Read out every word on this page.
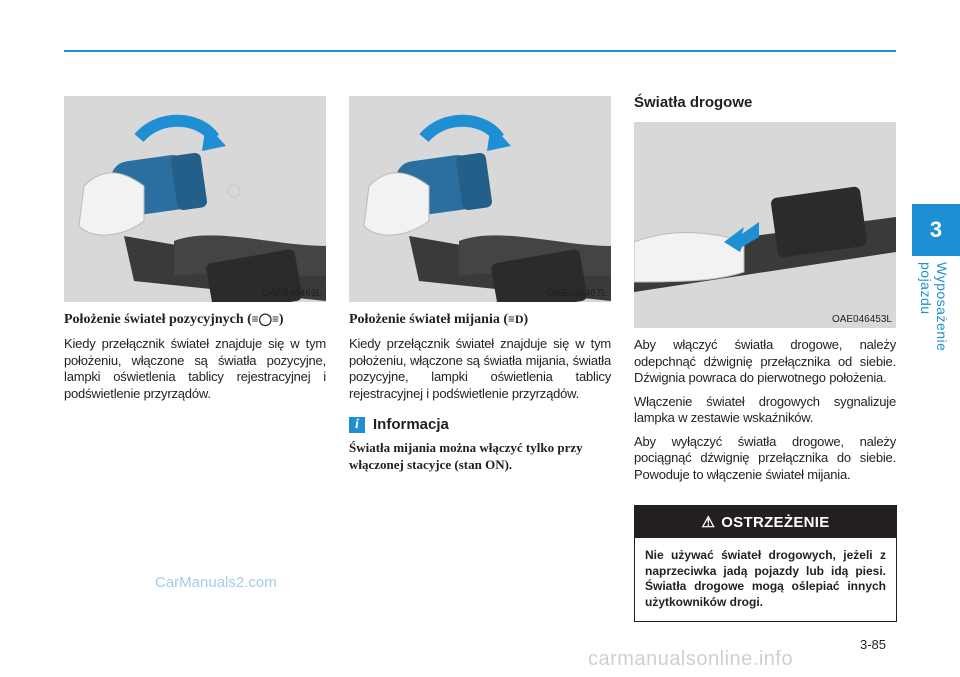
3
Wyposażenie pojazdu
OAE046469L	OAE046467L
OAE046453L

Położenie świateł pozycyjnych (≡◯≡)

Kiedy przełącznik świateł znajduje się w tym położeniu, włączone są światła pozycyjne, lampki oświetlenia tablicy rejestracyjnej i podświetlenie przyrządów.

Położenie świateł mijania (≡D)

Kiedy przełącznik świateł znajduje się w tym położeniu, włączone są światła mijania, światła pozycyjne, lampki oświetlenia tablicy rejestracyjnej i podświetlenie przyrządów.

i Informacja

Światła mijania można włączyć tylko przy włączonej stacyjce (stan ON).

Światła drogowe

Aby włączyć światła drogowe, należy odepchnąć dźwignię przełącznika od siebie. Dźwignia powraca do pierwotnego położenia.

Włączenie świateł drogowych sygnalizuje lampka w zestawie wskaźników.

Aby wyłączyć światła drogowe, należy pociągnąć dźwignię przełącznika do siebie. Powoduje to włączenie świateł mijania.

⚠ OSTRZEŻENIE
Nie używać świateł drogowych, jeżeli z naprzeciwka jadą pojazdy lub idą piesi. Światła drogowe mogą oślepiać innych użytkowników drogi.
3-85
CarManuals2.com
carmanualsonline.info
